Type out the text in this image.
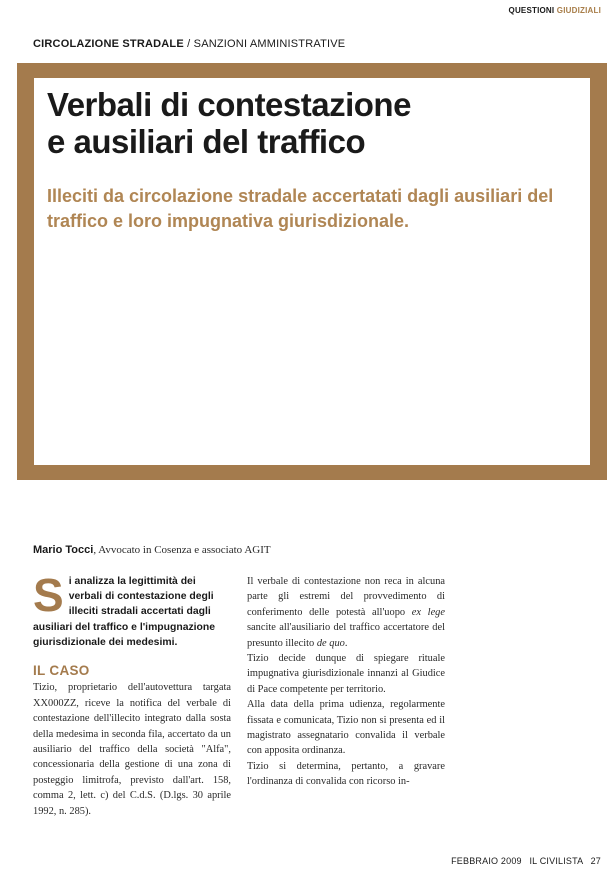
QUESTIONI GIUDIZIALI
CIRCOLAZIONE STRADALE / SANZIONI AMMINISTRATIVE
Verbali di contestazione
e ausiliari del traffico

Illeciti da circolazione stradale accertatati dagli ausiliari del traffico e loro impugnativa giurisdizionale.

Mario Tocci, Avvocato in Cosenza e associato AGIT

Si analizza la legittimità dei verbali di contestazione degli illeciti stradali accertati dagli ausiliari del traffico e l'impugnazione giurisdizionale dei medesimi.

IL CASO

Tizio, proprietario dell'autovettura targata XX000ZZ, riceve la notifica del verbale di contestazione dell'illecito integrato dalla sosta della medesima in seconda fila, accertato da un ausiliario del traffico della società "Alfa", concessionaria della gestione di una zona di posteggio limitrofa, previsto dall'art. 158, comma 2, lett. c) del C.d.S. (D.lgs. 30 aprile 1992, n. 285).

Il verbale di contestazione non reca in alcuna parte gli estremi del provvedimento di conferimento delle potestà all'uopo ex lege sancite all'ausiliario del traffico accertatore del presunto illecito de quo.

Tizio decide dunque di spiegare rituale impugnativa giurisdizionale innanzi al Giudice di Pace competente per territorio.

Alla data della prima udienza, regolarmente fissata e comunicata, Tizio non si presenta ed il magistrato assegnatario convalida il verbale con apposita ordinanza.

Tizio si determina, pertanto, a gravare l'ordinanza di convalida con ricorso in-

FEBBRAIO 2009 IL CIVILISTA 27
